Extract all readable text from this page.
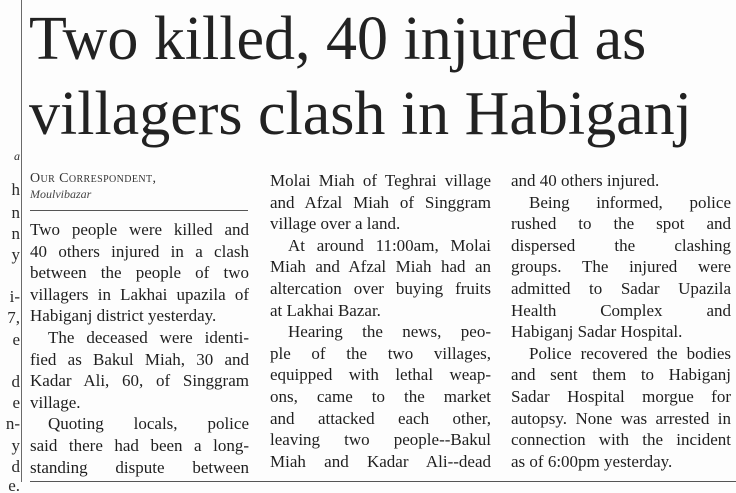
a
h
n
n
y
i-
7,
e
d
e
n-
y
d
e.
Two killed, 40 injured as
villagers clash in Habiganj
Our Correspondent,
Moulvibazar
Two people were killed and
40 others injured in a clash
between the people of two
villagers in Lakhai upazila of
Habiganj district yesterday.
The deceased were identi-
fied as Bakul Miah, 30 and
Kadar Ali, 60, of Singgram
village.
Quoting locals, police
said there had been a long-
standing dispute between
Molai Miah of Teghrai village
and Afzal Miah of Singgram
village over a land.
At around 11:00am, Molai
Miah and Afzal Miah had an
altercation over buying fruits
at Lakhai Bazar.
Hearing the news, peo-
ple of the two villages,
equipped with lethal weap-
ons, came to the market
and attacked each other,
leaving two people--Bakul
Miah and Kadar Ali--dead
and 40 others injured.
Being informed, police
rushed to the spot and
dispersed the clashing
groups. The injured were
admitted to Sadar Upazila
Health Complex and
Habiganj Sadar Hospital.
Police recovered the bodies
and sent them to Habiganj
Sadar Hospital morgue for
autopsy. None was arrested in
connection with the incident
as of 6:00pm yesterday.
